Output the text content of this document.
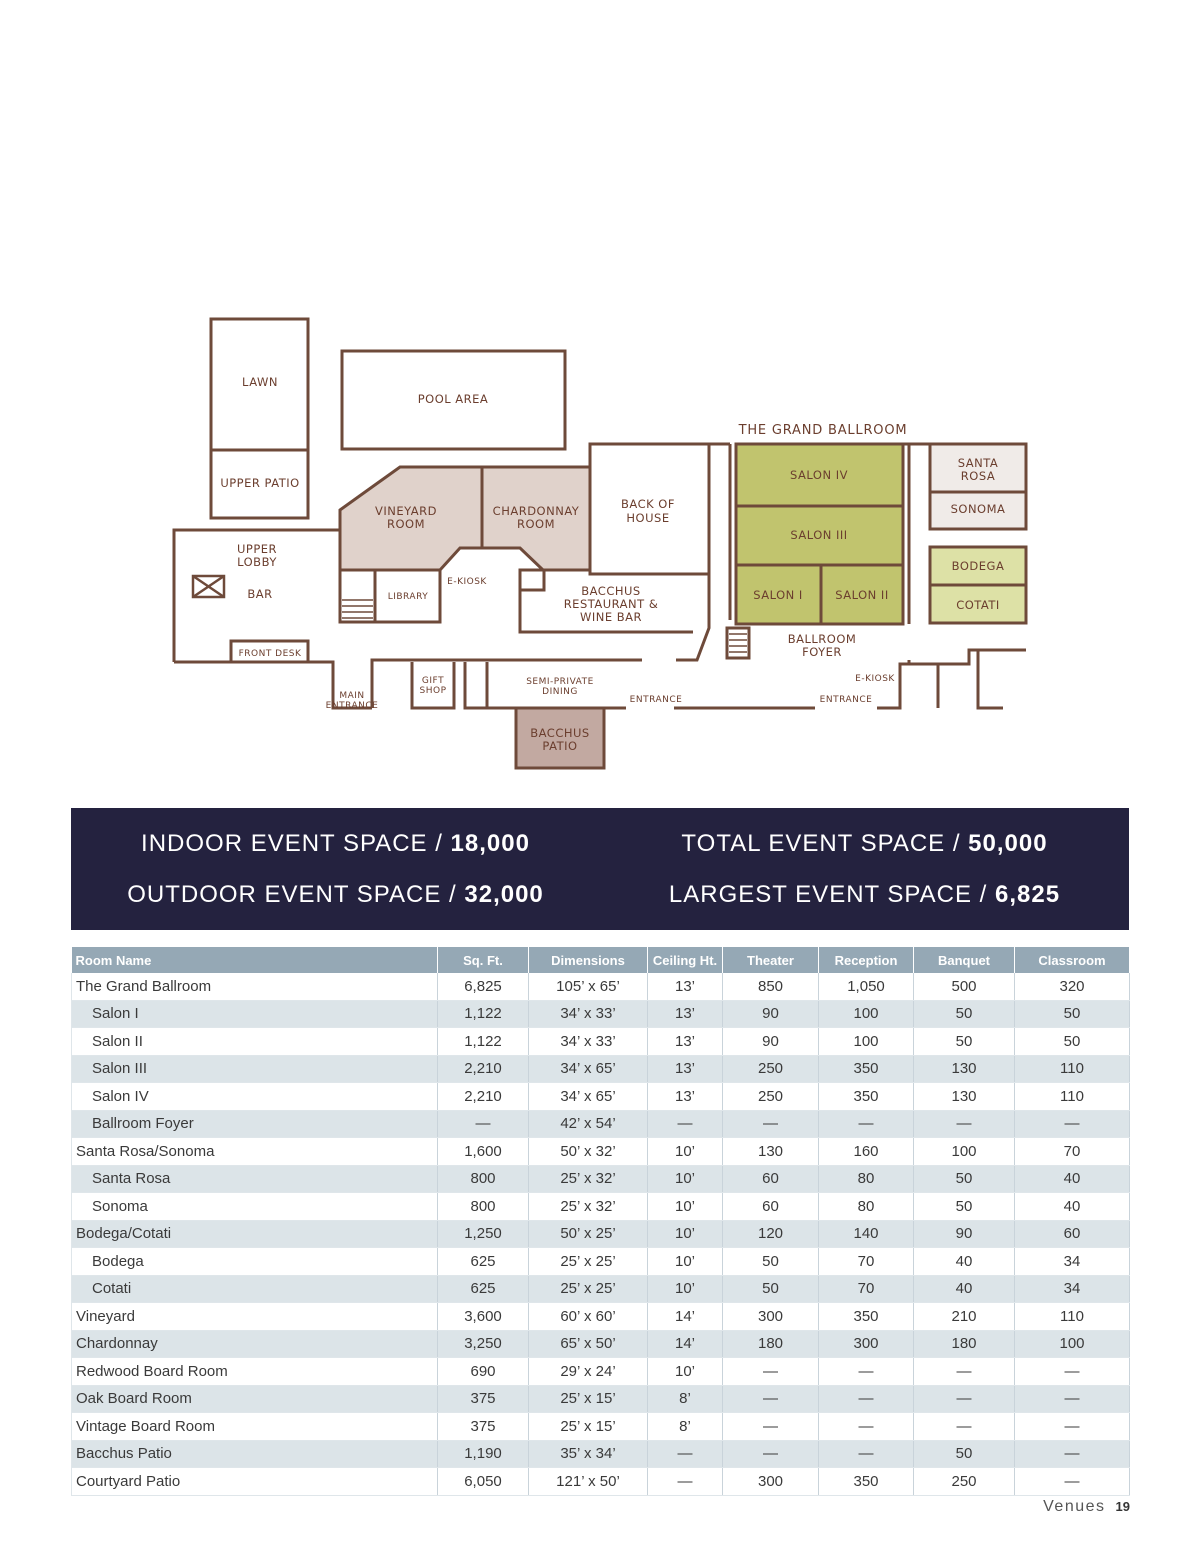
LAWN
POOL AREA
UPPER PATIO
VINEYARD
ROOM
CHARDONNAY
ROOM
BACK OF
HOUSE
THE GRAND BALLROOM
SALON IV
SALON III
SALON I	SALON II
SANTA
ROSA
SONOMA
BODEGA
COTATI
UPPER
LOBBY
BAR	LIBRARY
E-KIOSK
BACCHUS
RESTAURANT &
WINE BAR
BALLROOM
FOYER
FRONT DESK
GIFT
SHOP
SEMI-PRIVATE
DINING
ENTRANCE	ENTRANCE
E-KIOSK
MAIN
ENTRANCE
BACCHUS
PATIO
INDOOR EVENT SPACE / 18,000	TOTAL EVENT SPACE / 50,000
OUTDOOR EVENT SPACE / 32,000	LARGEST EVENT SPACE / 6,825
Room Name	Sq. Ft.	Dimensions	Ceiling Ht.	Theater	Reception	Banquet	Classroom
The Grand Ballroom	6,825	105’ x 65’	13’	850	1,050	500	320
Salon I	1,122	34’ x 33’	13’	90	100	50	50
Salon II	1,122	34’ x 33’	13’	90	100	50	50
Salon III	2,210	34’ x 65’	13’	250	350	130	110
Salon IV	2,210	34’ x 65’	13’	250	350	130	110
Ballroom Foyer	—	42’ x 54’	—	—	—	—	—
Santa Rosa/Sonoma	1,600	50’ x 32’	10’	130	160	100	70
Santa Rosa	800	25’ x 32’	10’	60	80	50	40
Sonoma	800	25’ x 32’	10’	60	80	50	40
Bodega/Cotati	1,250	50’ x 25’	10’	120	140	90	60
Bodega	625	25’ x 25’	10’	50	70	40	34
Cotati	625	25’ x 25’	10’	50	70	40	34
Vineyard	3,600	60’ x 60’	14’	300	350	210	110
Chardonnay	3,250	65’ x 50’	14’	180	300	180	100
Redwood Board Room	690	29’ x 24’	10’	—	—	—	—
Oak Board Room	375	25’ x 15’	8’	—	—	—	—
Vintage Board Room	375	25’ x 15’	8’	—	—	—	—
Bacchus Patio	1,190	35’ x 34’	—	—	—	50	—
Courtyard Patio	6,050	121’ x 50’	—	300	350	250	—
Venues 19
